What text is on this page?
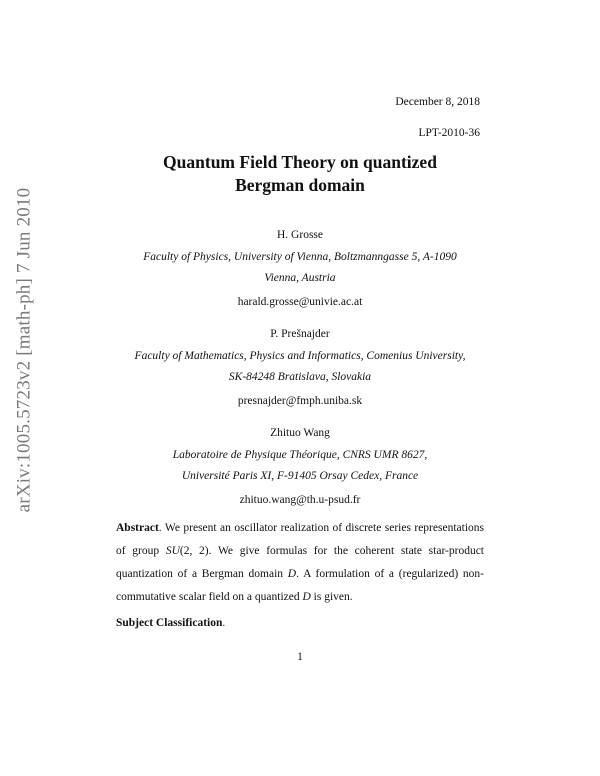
arXiv:1005.5723v2 [math-ph] 7 Jun 2010
December 8, 2018
LPT-2010-36
Quantum Field Theory on quantized
Bergman domain
H. Grosse
Faculty of Physics, University of Vienna, Boltzmanngasse 5, A-1090
Vienna, Austria
harald.grosse@univie.ac.at
P. Prešnajder
Faculty of Mathematics, Physics and Informatics, Comenius University,
SK-84248 Bratislava, Slovakia
presnajder@fmph.uniba.sk
Zhituo Wang
Laboratoire de Physique Théorique, CNRS UMR 8627,
Université Paris XI, F-91405 Orsay Cedex, France
zhituo.wang@th.u-psud.fr
Abstract. We present an oscillator realization of discrete series representations of group SU(2, 2). We give formulas for the coherent state star-product quantization of a Bergman domain D. A formulation of a (regularized) non-commutative scalar field on a quantized D is given.
Subject Classification.
1
